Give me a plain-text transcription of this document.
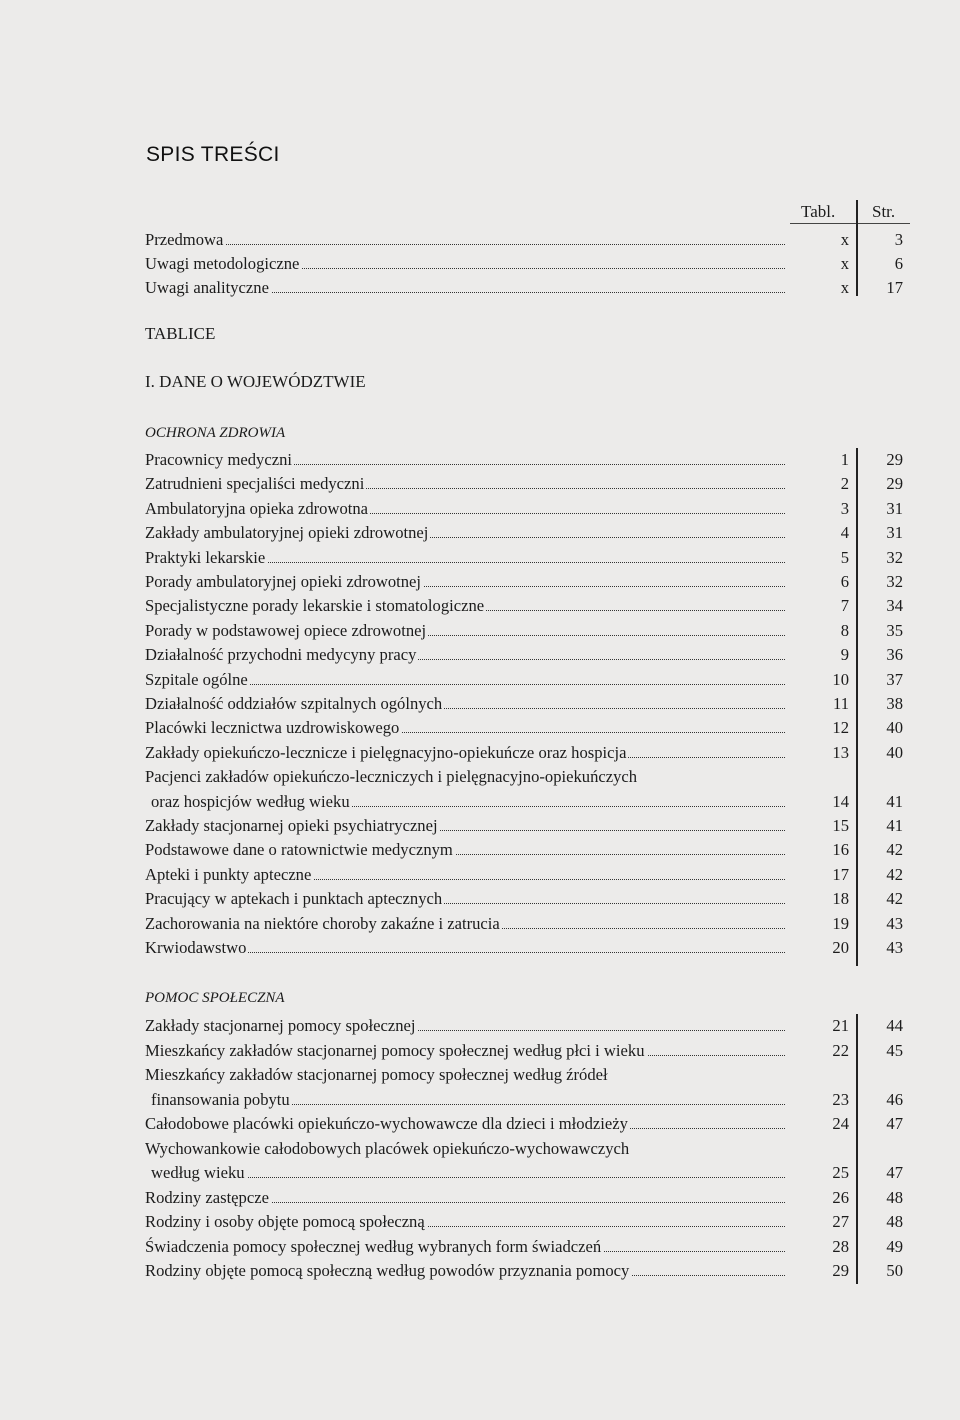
SPIS TREŚCI
Tabl. Str.
Przedmowa	x	3
Uwagi metodologiczne	x	6
Uwagi analityczne	x	17
TABLICE
I. DANE O WOJEWÓDZTWIE
OCHRONA ZDROWIA
Pracownicy medyczni	1	29
Zatrudnieni specjaliści medyczni	2	29
Ambulatoryjna opieka zdrowotna	3	31
Zakłady ambulatoryjnej opieki zdrowotnej	4	31
Praktyki lekarskie	5	32
Porady ambulatoryjnej opieki zdrowotnej	6	32
Specjalistyczne porady lekarskie i stomatologiczne	7	34
Porady w podstawowej opiece zdrowotnej	8	35
Działalność przychodni medycyny pracy	9	36
Szpitale ogólne	10	37
Działalność oddziałów szpitalnych ogólnych	11	38
Placówki lecznictwa uzdrowiskowego	12	40
Zakłady opiekuńczo-lecznicze i pielęgnacyjno-opiekuńcze oraz hospicja	13	40
Pacjenci zakładów opiekuńczo-leczniczych i pielęgnacyjno-opiekuńczych
oraz hospicjów według wieku	14	41
Zakłady stacjonarnej opieki psychiatrycznej	15	41
Podstawowe dane o ratownictwie medycznym	16	42
Apteki i punkty apteczne	17	42
Pracujący w aptekach i punktach aptecznych	18	42
Zachorowania na niektóre choroby zakaźne i zatrucia	19	43
Krwiodawstwo	20	43
POMOC SPOŁECZNA
Zakłady stacjonarnej pomocy społecznej	21	44
Mieszkańcy zakładów stacjonarnej pomocy społecznej według płci i wieku	22	45
Mieszkańcy zakładów stacjonarnej pomocy społecznej według źródeł
finansowania pobytu	23	46
Całodobowe placówki opiekuńczo-wychowawcze dla dzieci i młodzieży	24	47
Wychowankowie całodobowych placówek opiekuńczo-wychowawczych
według wieku	25	47
Rodziny zastępcze	26	48
Rodziny i osoby objęte pomocą społeczną	27	48
Świadczenia pomocy społecznej według wybranych form świadczeń	28	49
Rodziny objęte pomocą społeczną według powodów przyznania pomocy	29	50
